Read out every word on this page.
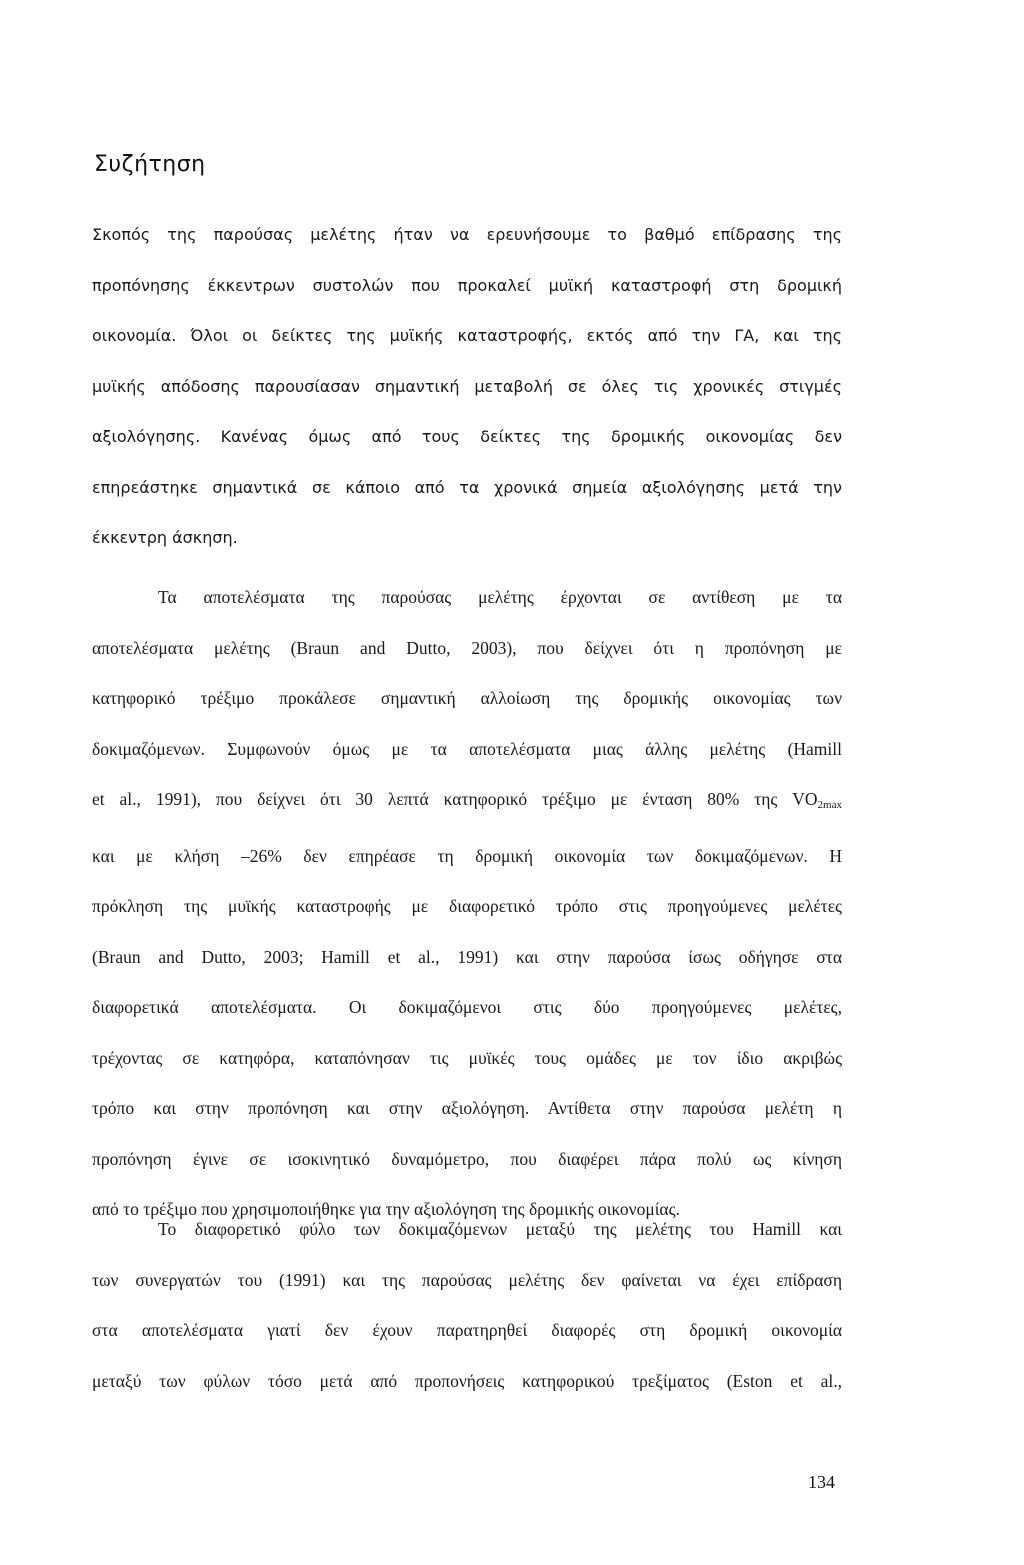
Συζήτηση

Σκοπός της παρούσας μελέτης ήταν να ερευνήσουμε το βαθμό επίδρασης της
προπόνησης έκκεντρων συστολών που προκαλεί μυϊκή καταστροφή στη δρομική
οικονομία. Όλοι οι δείκτες της μυϊκής καταστροφής, εκτός από την ΓΑ, και της
μυϊκής απόδοσης παρουσίασαν σημαντική μεταβολή σε όλες τις χρονικές στιγμές
αξιολόγησης. Κανένας όμως από τους δείκτες της δρομικής οικονομίας δεν
επηρεάστηκε σημαντικά σε κάποιο από τα χρονικά σημεία αξιολόγησης μετά την
έκκεντρη άσκηση.

Τα αποτελέσματα της παρούσας μελέτης έρχονται σε αντίθεση με τα
αποτελέσματα μελέτης (Braun and Dutto, 2003), που δείχνει ότι η προπόνηση με
κατηφορικό τρέξιμο προκάλεσε σημαντική αλλοίωση της δρομικής οικονομίας των
δοκιμαζόμενων. Συμφωνούν όμως με τα αποτελέσματα μιας άλλης μελέτης (Hamill
et al., 1991), που δείχνει ότι 30 λεπτά κατηφορικό τρέξιμο με ένταση 80% της $VO_{2max}$
και με κλήση –26% δεν επηρέασε τη δρομική οικονομία των δοκιμαζόμενων. Η
πρόκληση της μυϊκής καταστροφής με διαφορετικό τρόπο στις προηγούμενες μελέτες
(Braun and Dutto, 2003; Hamill et al., 1991) και στην παρούσα ίσως οδήγησε στα
διαφορετικά αποτελέσματα. Οι δοκιμαζόμενοι στις δύο προηγούμενες μελέτες,
τρέχοντας σε κατηφόρα, καταπόνησαν τις μυϊκές τους ομάδες με τον ίδιο ακριβώς
τρόπο και στην προπόνηση και στην αξιολόγηση. Αντίθετα στην παρούσα μελέτη η
προπόνηση έγινε σε ισοκινητικό δυναμόμετρο, που διαφέρει πάρα πολύ ως κίνηση
από το τρέξιμο που χρησιμοποιήθηκε για την αξιολόγηση της δρομικής οικονομίας.

Το διαφορετικό φύλο των δοκιμαζόμενων μεταξύ της μελέτης του Hamill και
των συνεργατών του (1991) και της παρούσας μελέτης δεν φαίνεται να έχει επίδραση
στα αποτελέσματα γιατί δεν έχουν παρατηρηθεί διαφορές στη δρομική οικονομία
μεταξύ των φύλων τόσο μετά από προπονήσεις κατηφορικού τρεξίματος (Eston et al.,

134
